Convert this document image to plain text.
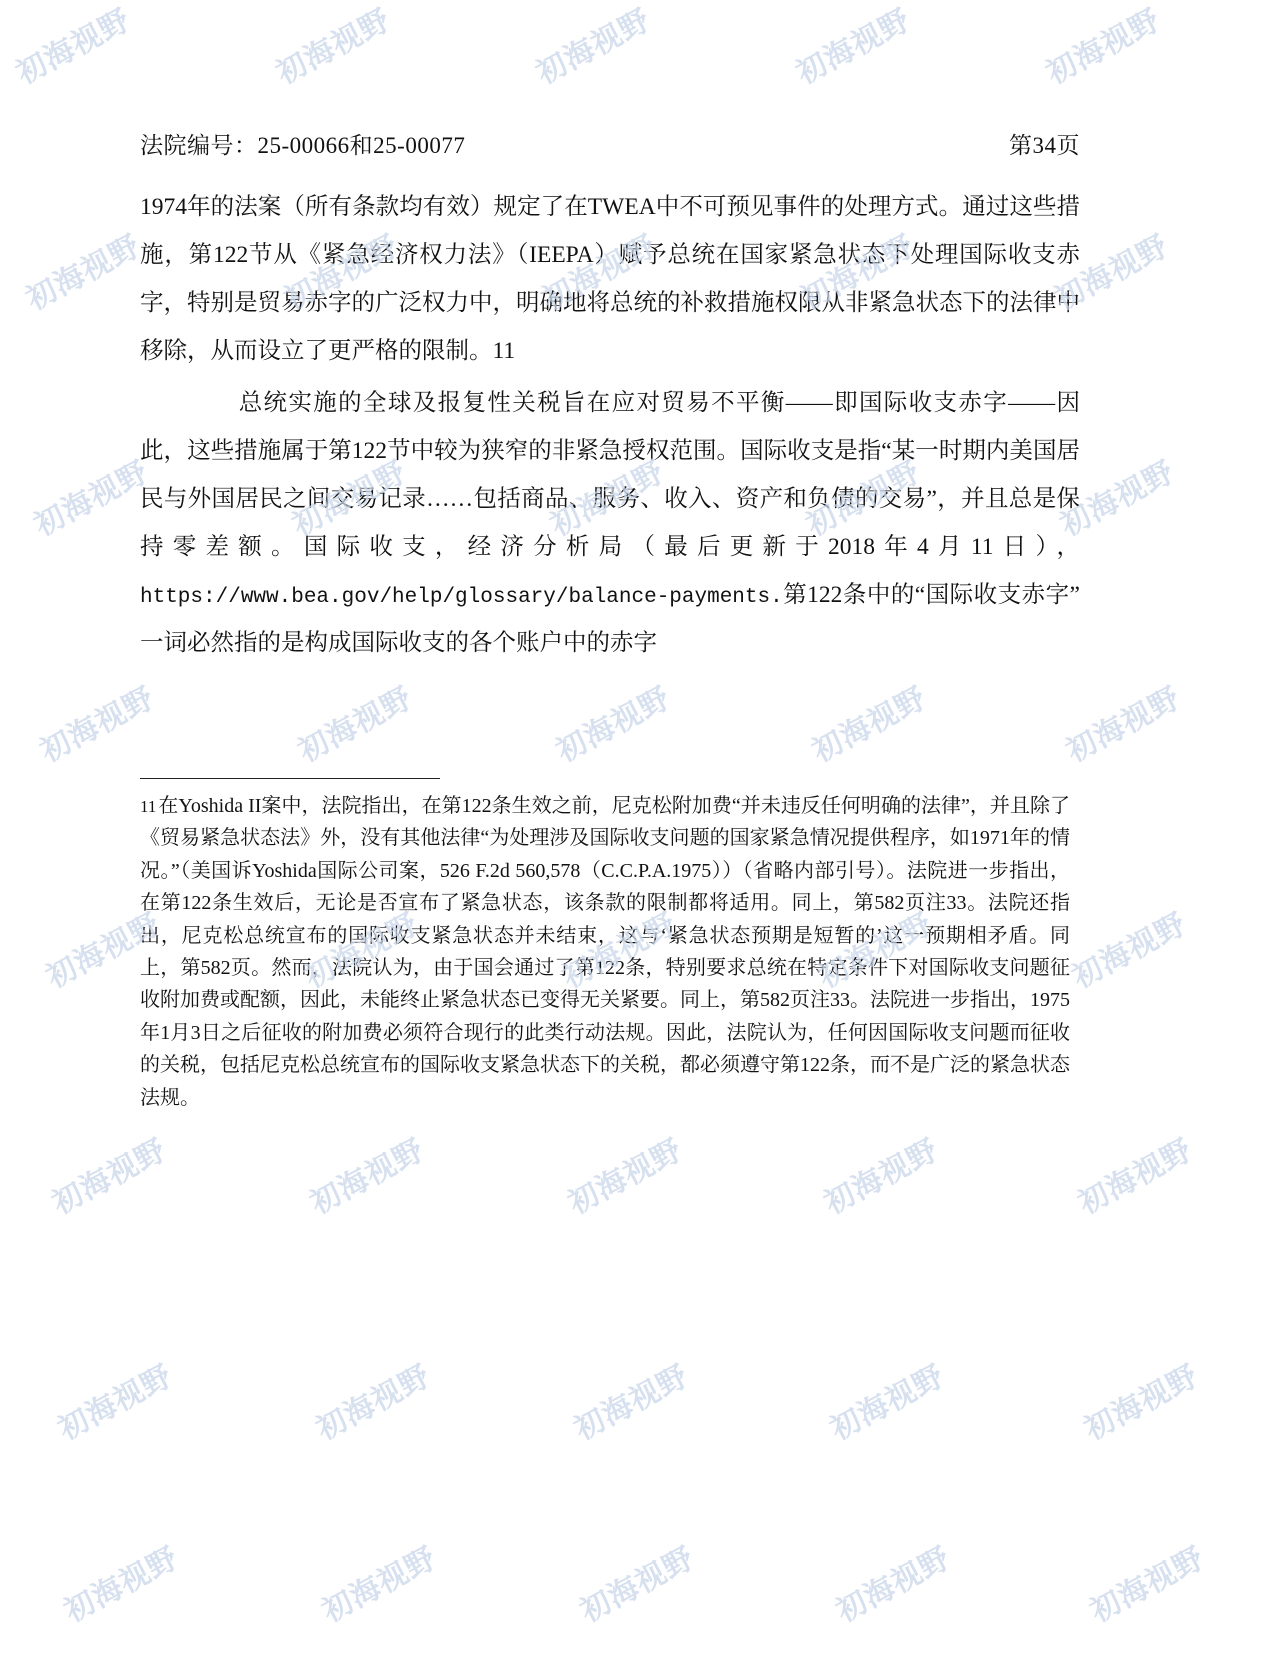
初海视野	初海视野	初海视野	初海视野	初海视野
初海视野	初海视野	初海视野	初海视野	初海视野
初海视野	初海视野	初海视野	初海视野	初海视野
初海视野	初海视野	初海视野	初海视野	初海视野
初海视野	初海视野	初海视野	初海视野	初海视野
初海视野	初海视野	初海视野	初海视野	初海视野
初海视野	初海视野	初海视野	初海视野	初海视野
初海视野	初海视野	初海视野	初海视野	初海视野
法院编号：25-00066和25-00077	第34页

1974年的法案（所有条款均有效）规定了在TWEA中不可预见事件的处理方式。通过这些措施，第122节从《紧急经济权力法》（IEEPA）赋予总统在国家紧急状态下处理国际收支赤字，特别是贸易赤字的广泛权力中，明确地将总统的补救措施权限从非紧急状态下的法律中移除，从而设立了更严格的限制。11

总统实施的全球及报复性关税旨在应对贸易不平衡——即国际收支赤字——因此，这些措施属于第122节中较为狭窄的非紧急授权范围。国际收支是指“某一时期内美国居民与外国居民之间交易记录……包括商品、服务、收入、资产和负债的交易”，并且总是保持零差额。国际收支，经济分析局（最后更新于2018年4月11日），https://www.bea.gov/help/glossary/balance-payments.第122条中的“国际收支赤字”一词必然指的是构成国际收支的各个账户中的赤字

11 在Yoshida II案中，法院指出，在第122条生效之前，尼克松附加费“并未违反任何明确的法律”，并且除了《贸易紧急状态法》外，没有其他法律“为处理涉及国际收支问题的国家紧急情况提供程序，如1971年的情况。”（美国诉Yoshida国际公司案，526 F.2d 560,578（C.C.P.A.1975））（省略内部引号）。法院进一步指出，在第122条生效后，无论是否宣布了紧急状态，该条款的限制都将适用。同上，第582页注33。法院还指出，尼克松总统宣布的国际收支紧急状态并未结束，这与‘紧急状态预期是短暂的’这一预期相矛盾。同上，第582页。然而，法院认为，由于国会通过了第122条，特别要求总统在特定条件下对国际收支问题征收附加费或配额，因此，未能终止紧急状态已变得无关紧要。同上，第582页注33。法院进一步指出，1975年1月3日之后征收的附加费必须符合现行的此类行动法规。因此，法院认为，任何因国际收支问题而征收的关税，包括尼克松总统宣布的国际收支紧急状态下的关税，都必须遵守第122条，而不是广泛的紧急状态法规。
